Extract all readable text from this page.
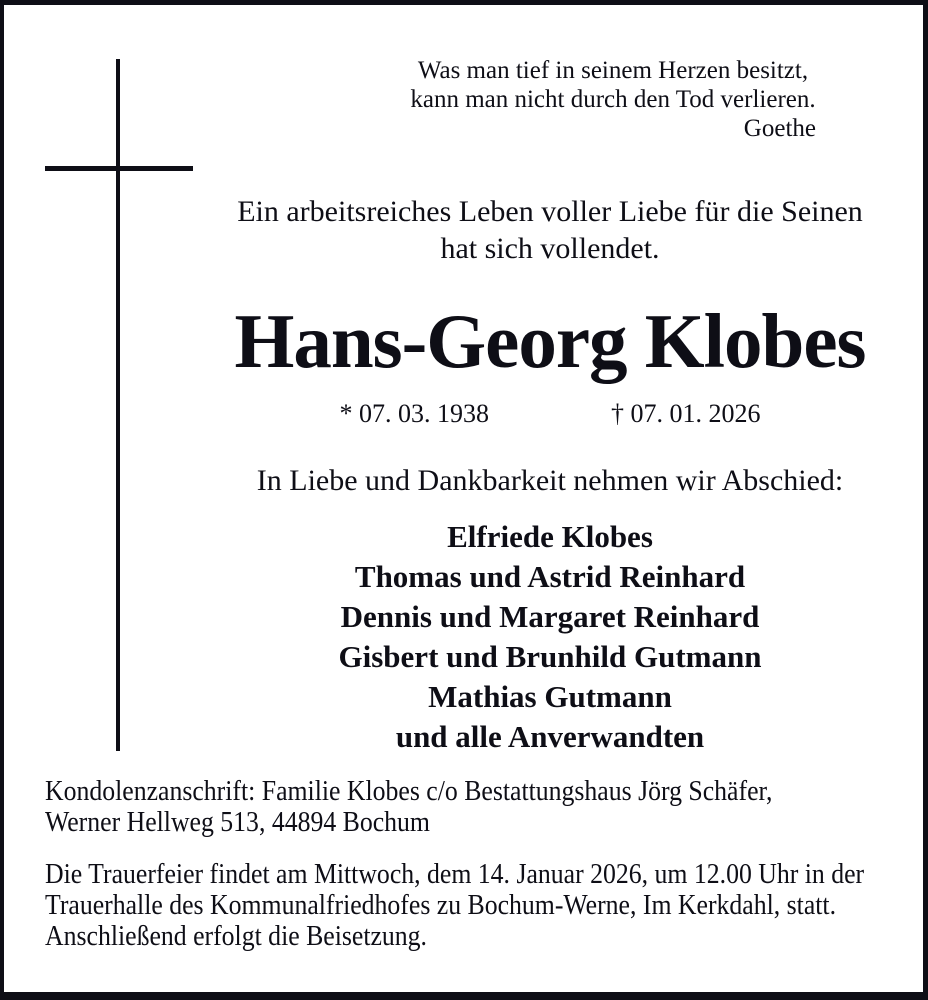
Was man tief in seinem Herzen besitzt,
kann man nicht durch den Tod verlieren.
Goethe
Ein arbeitsreiches Leben voller Liebe für die Seinen
hat sich vollendet.
Hans-Georg Klobes
* 07. 03. 1938	† 07. 01. 2026
In Liebe und Dankbarkeit nehmen wir Abschied:
Elfriede Klobes
Thomas und Astrid Reinhard
Dennis und Margaret Reinhard
Gisbert und Brunhild Gutmann
Mathias Gutmann
und alle Anverwandten
Kondolenzanschrift: Familie Klobes c/o Bestattungshaus Jörg Schäfer,
Werner Hellweg 513, 44894 Bochum
Die Trauerfeier findet am Mittwoch, dem 14. Januar 2026, um 12.00 Uhr in der
Trauerhalle des Kommunalfriedhofes zu Bochum-Werne, Im Kerkdahl, statt.
Anschließend erfolgt die Beisetzung.
